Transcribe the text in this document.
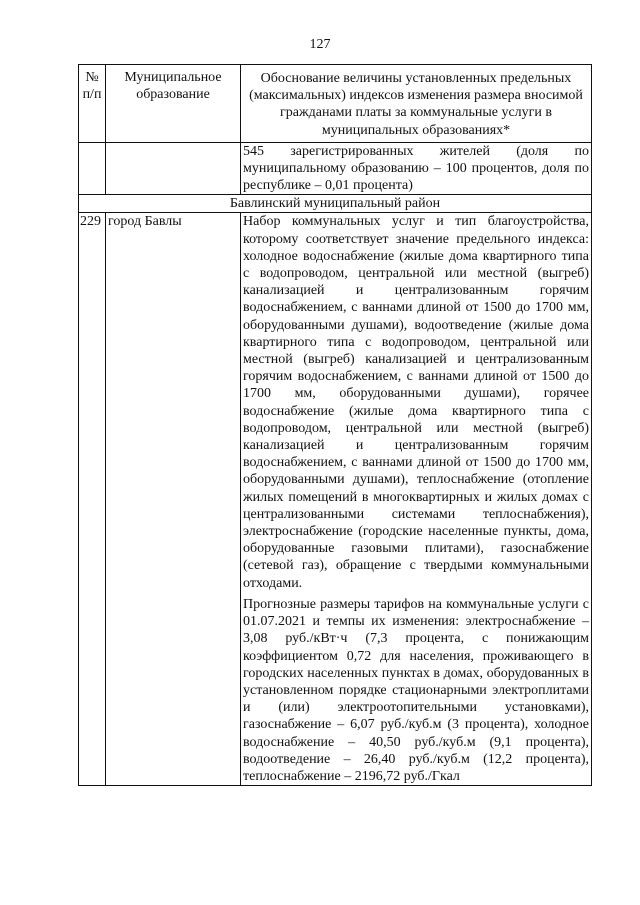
127
№ п/п	Муниципальное образование	Обоснование величины установленных предельных (максимальных) индексов изменения размера вносимой гражданами платы за коммунальные услуги в муниципальных образованиях*
		545 зарегистрированных жителей (доля по муниципальному образованию – 100 процентов, доля по республике – 0,01 процента)
Бавлинский муниципальный район		
229	город Бавлы	Набор коммунальных услуг и тип благоустройства, которому соответствует значение предельного индекса: холодное водоснабжение (жилые дома квартирного типа с водопроводом, центральной или местной (выгреб) канализацией и централизованным горячим водоснабжением, с ваннами длиной от 1500 до 1700 мм, оборудованными душами), водоотведение (жилые дома квартирного типа с водопроводом, центральной или местной (выгреб) канализацией и централизованным горячим водоснабжением, с ваннами длиной от 1500 до 1700 мм, оборудованными душами), горячее водоснабжение (жилые дома квартирного типа с водопроводом, центральной или местной (выгреб) канализацией и централизованным горячим водоснабжением, с ваннами длиной от 1500 до 1700 мм, оборудованными душами), теплоснабжение (отопление жилых помещений в многоквартирных и жилых домах с централизованными системами теплоснабжения), электроснабжение (городские населенные пункты, дома, оборудованные газовыми плитами), газоснабжение (сетевой газ), обращение с твердыми коммунальными отходами.
Прогнозные размеры тарифов на коммунальные услуги с 01.07.2021 и темпы их изменения: электроснабжение – 3,08 руб./кВт·ч (7,3 процента, с понижающим коэффициентом 0,72 для населения, проживающего в городских населенных пунктах в домах, оборудованных в установленном порядке стационарными электроплитами и (или) электроотопительными установками), газоснабжение – 6,07 руб./куб.м (3 процента), холодное водоснабжение – 40,50 руб./куб.м (9,1 процента), водоотведение – 26,40 руб./куб.м (12,2 процента), теплоснабжение – 2196,72 руб./Гкал
